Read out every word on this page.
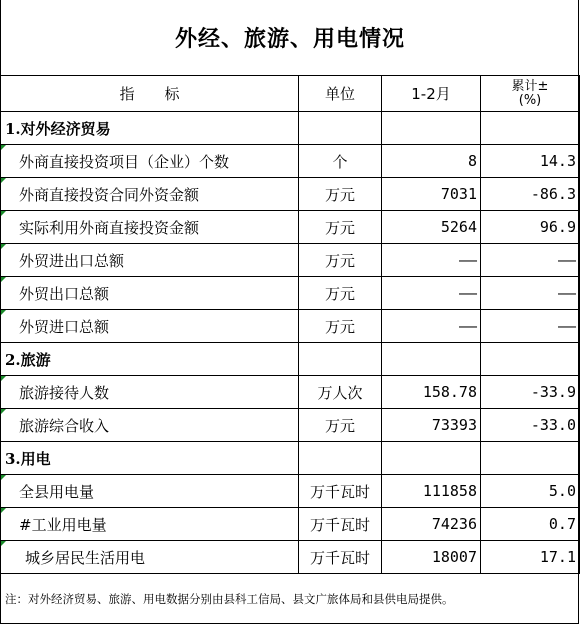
外经、旅游、用电情况
指　　标	单位	1-2月	累计±
(%)

1.对外经济贸易			

外商直接投资项目（企业）个数	个	8	14.3

外商直接投资合同外资金额	万元	7031	-86.3

实际利用外商直接投资金额	万元	5264	96.9

外贸进出口总额	万元	——	——

外贸出口总额	万元	——	——

外贸进口总额	万元	——	——
2.旅游			

旅游接待人数	万人次	158.78	-33.9

旅游综合收入	万元	73393	-33.0
3.用电			

全县用电量	万千瓦时	111858	5.0

#工业用电量	万千瓦时	74236	0.7

城乡居民生活用电	万千瓦时	18007	17.1
注：对外经济贸易、旅游、用电数据分别由县科工信局、县文广旅体局和县供电局提供。
